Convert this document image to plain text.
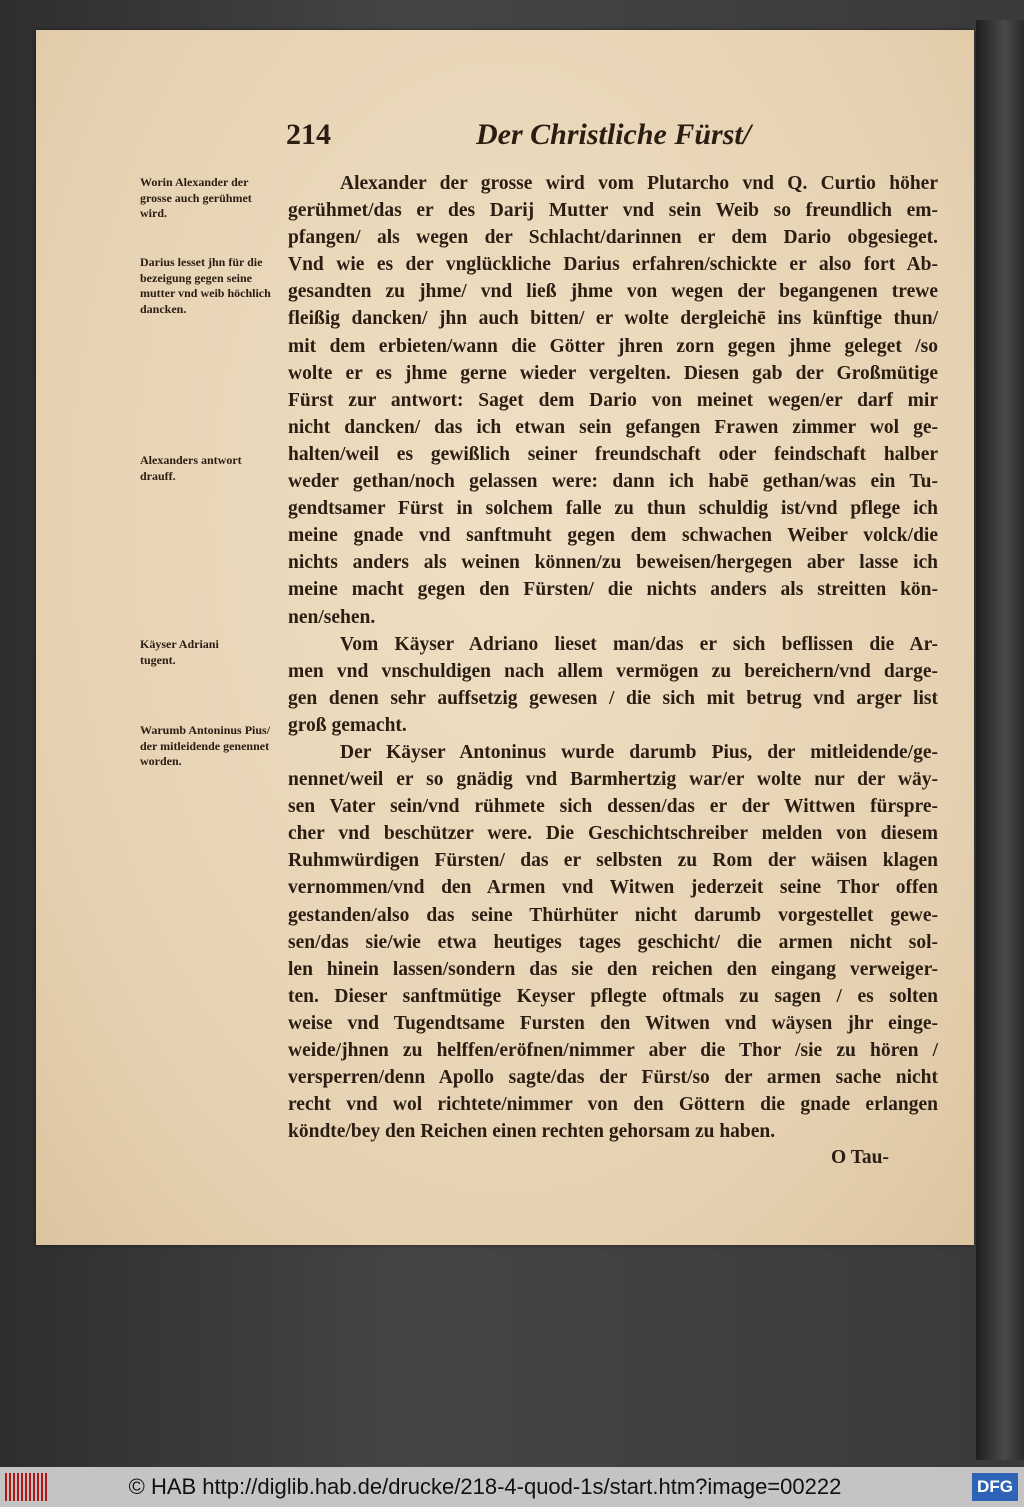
214	Der Christliche Fürst/
Worin Alexander der grosse auch gerühmet wird.
Darius lesset jhn für die bezeigung gegen seine mutter vnd weib höchlich dancken.
Alexanders antwort drauff.
Käyser Adriani tugent.
Warumb Antoninus Pius/ der mitleidende genennet worden.
Alexander der grosse wird vom Plutarcho vnd Q. Curtio höher
gerühmet/das er des Darij Mutter vnd sein Weib so freundlich em-
pfangen/ als wegen der Schlacht/darinnen er dem Dario obgesieget.
Vnd wie es der vnglückliche Darius erfahren/schickte er also fort Ab-
gesandten zu jhme/ vnd ließ jhme von wegen der begangenen trewe
fleißig dancken/ jhn auch bitten/ er wolte dergleichē ins künftige thun/
mit dem erbieten/wann die Götter jhren zorn gegen jhme geleget /so
wolte er es jhme gerne wieder vergelten. Diesen gab der Großmütige
Fürst zur antwort: Saget dem Dario von meinet wegen/er darf mir
nicht dancken/ das ich etwan sein gefangen Frawen zimmer wol ge-
halten/weil es gewißlich seiner freundschaft oder feindschaft halber
weder gethan/noch gelassen were: dann ich habē gethan/was ein Tu-
gendtsamer Fürst in solchem falle zu thun schuldig ist/vnd pflege ich
meine gnade vnd sanftmuht gegen dem schwachen Weiber volck/die
nichts anders als weinen können/zu beweisen/hergegen aber lasse ich
meine macht gegen den Fürsten/ die nichts anders als streitten kön-
nen/sehen.
Vom Käyser Adriano lieset man/das er sich beflissen die Ar-
men vnd vnschuldigen nach allem vermögen zu bereichern/vnd darge-
gen denen sehr auffsetzig gewesen / die sich mit betrug vnd arger list
groß gemacht.
Der Käyser Antoninus wurde darumb Pius, der mitleidende/ge-
nennet/weil er so gnädig vnd Barmhertzig war/er wolte nur der wäy-
sen Vater sein/vnd rühmete sich dessen/das er der Wittwen fürspre-
cher vnd beschützer were. Die Geschichtschreiber melden von diesem
Ruhmwürdigen Fürsten/ das er selbsten zu Rom der wäisen klagen
vernommen/vnd den Armen vnd Witwen jederzeit seine Thor offen
gestanden/also das seine Thürhüter nicht darumb vorgestellet gewe-
sen/das sie/wie etwa heutiges tages geschicht/ die armen nicht sol-
len hinein lassen/sondern das sie den reichen den eingang verweiger-
ten. Dieser sanftmütige Keyser pflegte oftmals zu sagen / es solten
weise vnd Tugendtsame Fursten den Witwen vnd wäysen jhr einge-
weide/jhnen zu helffen/eröfnen/nimmer aber die Thor /sie zu hören /
versperren/denn Apollo sagte/das der Fürst/so der armen sache nicht
recht vnd wol richtete/nimmer von den Göttern die gnade erlangen
köndte/bey den Reichen einen rechten gehorsam zu haben.
O Tau-
© HAB http://diglib.hab.de/drucke/218-4-quod-1s/start.htm?image=00222	DFG
